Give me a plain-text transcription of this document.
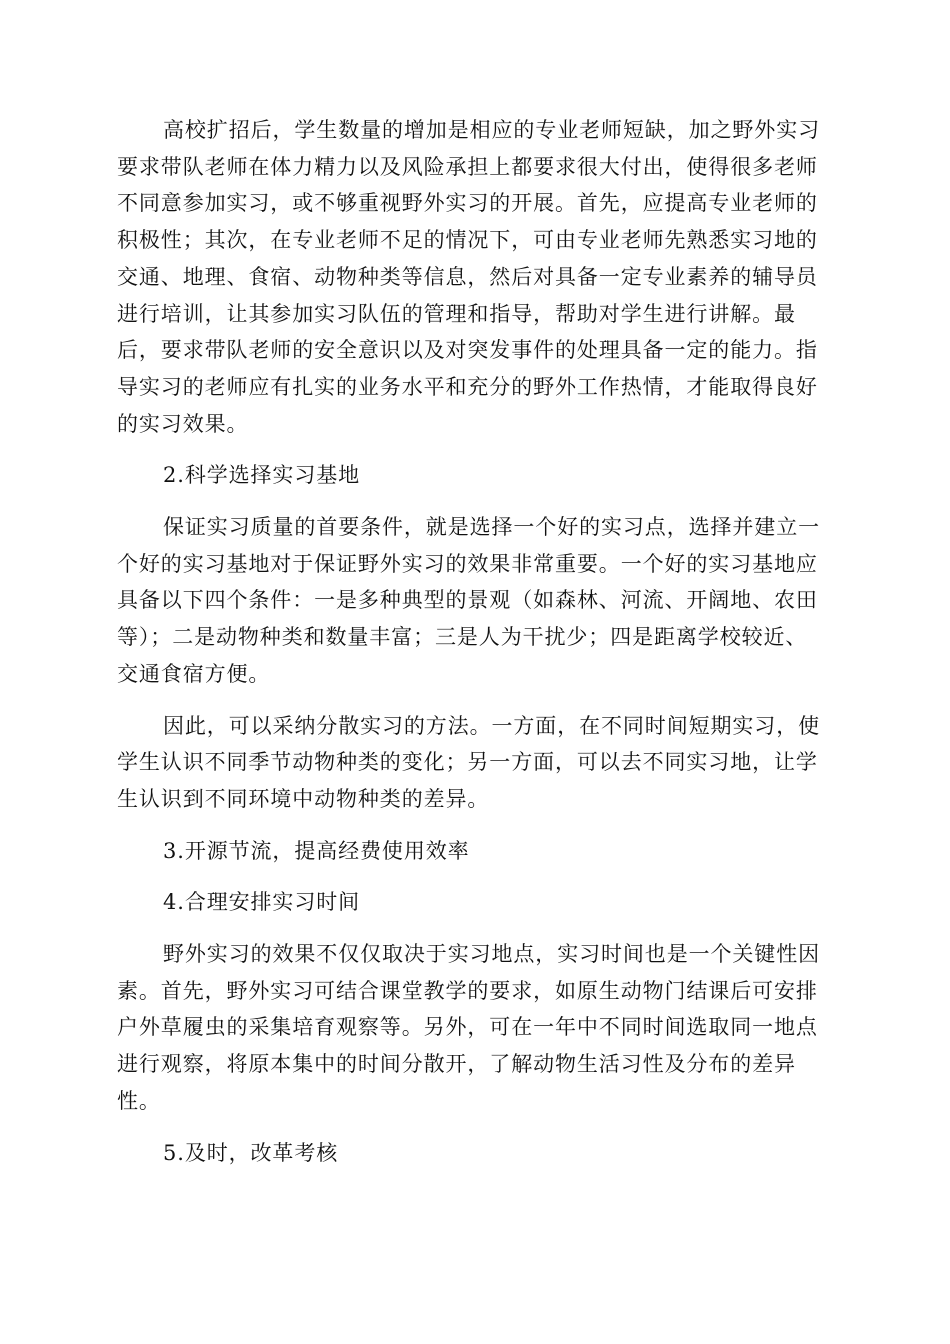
高校扩招后，学生数量的增加是相应的专业老师短缺，加之野外实习
要求带队老师在体力精力以及风险承担上都要求很大付出，使得很多老师
不同意参加实习，或不够重视野外实习的开展。首先，应提高专业老师的
积极性；其次，在专业老师不足的情况下，可由专业老师先熟悉实习地的
交通、地理、食宿、动物种类等信息，然后对具备一定专业素养的辅导员
进行培训，让其参加实习队伍的管理和指导，帮助对学生进行讲解。最
后，要求带队老师的安全意识以及对突发事件的处理具备一定的能力。指
导实习的老师应有扎实的业务水平和充分的野外工作热情，才能取得良好
的实习效果。
2.科学选择实习基地
保证实习质量的首要条件，就是选择一个好的实习点，选择并建立一
个好的实习基地对于保证野外实习的效果非常重要。一个好的实习基地应
具备以下四个条件：一是多种典型的景观（如森林、河流、开阔地、农田
等）；二是动物种类和数量丰富；三是人为干扰少；四是距离学校较近、
交通食宿方便。
因此，可以采纳分散实习的方法。一方面，在不同时间短期实习，使
学生认识不同季节动物种类的变化；另一方面，可以去不同实习地，让学
生认识到不同环境中动物种类的差异。
3.开源节流，提高经费使用效率
4.合理安排实习时间
野外实习的效果不仅仅取决于实习地点，实习时间也是一个关键性因
素。首先，野外实习可结合课堂教学的要求，如原生动物门结课后可安排
户外草履虫的采集培育观察等。另外，可在一年中不同时间选取同一地点
进行观察，将原本集中的时间分散开，了解动物生活习性及分布的差异
性。
5.及时，改革考核
